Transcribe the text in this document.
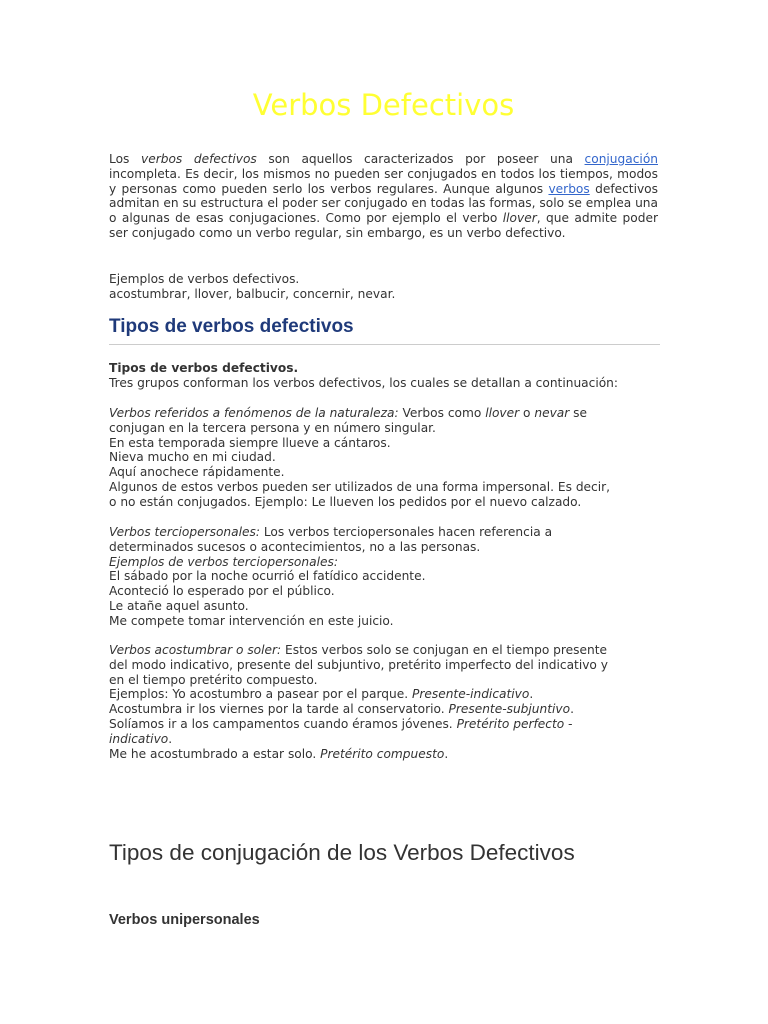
Verbos Defectivos
Los verbos defectivos son aquellos caracterizados por poseer una conjugación incompleta. Es decir, los mismos no pueden ser conjugados en todos los tiempos, modos y personas como pueden serlo los verbos regulares. Aunque algunos verbos defectivos admitan en su estructura el poder ser conjugado en todas las formas, solo se emplea una o algunas de esas conjugaciones. Como por ejemplo el verbo llover, que admite poder ser conjugado como un verbo regular, sin embargo, es un verbo defectivo.
Ejemplos de verbos defectivos.
acostumbrar, llover, balbucir, concernir, nevar.
Tipos de verbos defectivos
Tipos de verbos defectivos.
Tres grupos conforman los verbos defectivos, los cuales se detallan a continuación:
Verbos referidos a fenómenos de la naturaleza: Verbos como llover o nevar se
conjugan en la tercera persona y en número singular.
En esta temporada siempre llueve a cántaros.
Nieva mucho en mi ciudad.
Aquí anochece rápidamente.
Algunos de estos verbos pueden ser utilizados de una forma impersonal. Es decir,
o no están conjugados. Ejemplo: Le llueven los pedidos por el nuevo calzado.
Verbos terciopersonales: Los verbos terciopersonales hacen referencia a
determinados sucesos o acontecimientos, no a las personas.
Ejemplos de verbos terciopersonales:
El sábado por la noche ocurrió el fatídico accidente.
Aconteció lo esperado por el público.
Le atañe aquel asunto.
Me compete tomar intervención en este juicio.
Verbos acostumbrar o soler: Estos verbos solo se conjugan en el tiempo presente
del modo indicativo, presente del subjuntivo, pretérito imperfecto del indicativo y
en el tiempo pretérito compuesto.
Ejemplos: Yo acostumbro a pasear por el parque. Presente-indicativo.
Acostumbra ir los viernes por la tarde al conservatorio. Presente-subjuntivo.
Solíamos ir a los campamentos cuando éramos jóvenes. Pretérito perfecto -
indicativo.
Me he acostumbrado a estar solo. Pretérito compuesto.
Tipos de conjugación de los Verbos Defectivos
Verbos unipersonales
